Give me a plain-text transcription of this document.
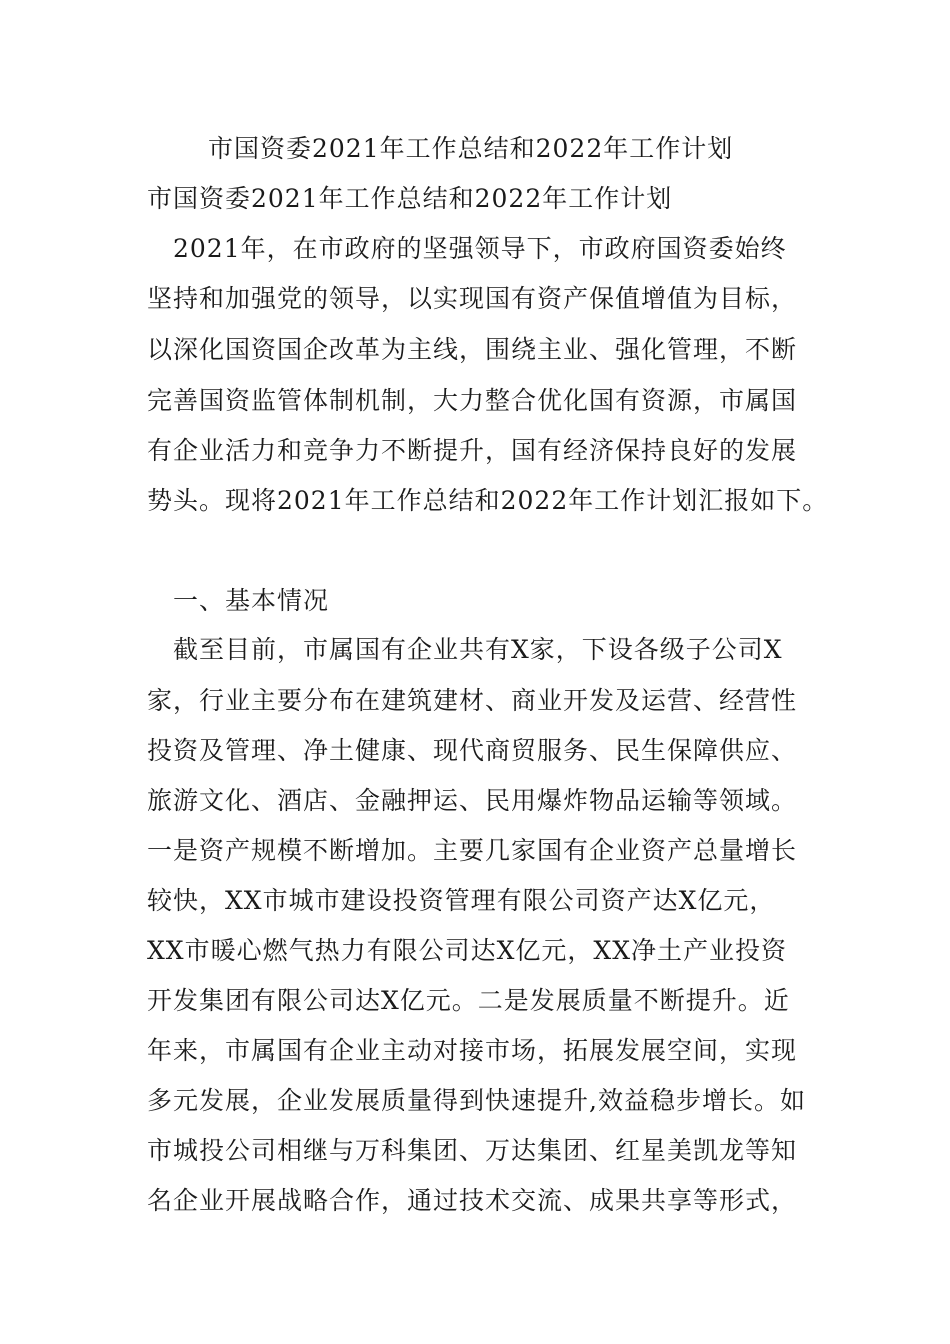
市国资委2021年工作总结和2022年工作计划
市国资委2021年工作总结和2022年工作计划
　2021年，在市政府的坚强领导下，市政府国资委始终
坚持和加强党的领导，以实现国有资产保值增值为目标，
以深化国资国企改革为主线，围绕主业、强化管理，不断
完善国资监管体制机制，大力整合优化国有资源，市属国
有企业活力和竞争力不断提升，国有经济保持良好的发展
势头。现将2021年工作总结和2022年工作计划汇报如下。
　一、基本情况
　截至目前，市属国有企业共有X家，下设各级子公司X
家，行业主要分布在建筑建材、商业开发及运营、经营性
投资及管理、净土健康、现代商贸服务、民生保障供应、
旅游文化、酒店、金融押运、民用爆炸物品运输等领域。
一是资产规模不断增加。主要几家国有企业资产总量增长
较快，XX市城市建设投资管理有限公司资产达X亿元，
XX市暖心燃气热力有限公司达X亿元，XX净土产业投资
开发集团有限公司达X亿元。二是发展质量不断提升。近
年来，市属国有企业主动对接市场，拓展发展空间，实现
多元发展，企业发展质量得到快速提升,效益稳步增长。如
市城投公司相继与万科集团、万达集团、红星美凯龙等知
名企业开展战略合作，通过技术交流、成果共享等形式，
